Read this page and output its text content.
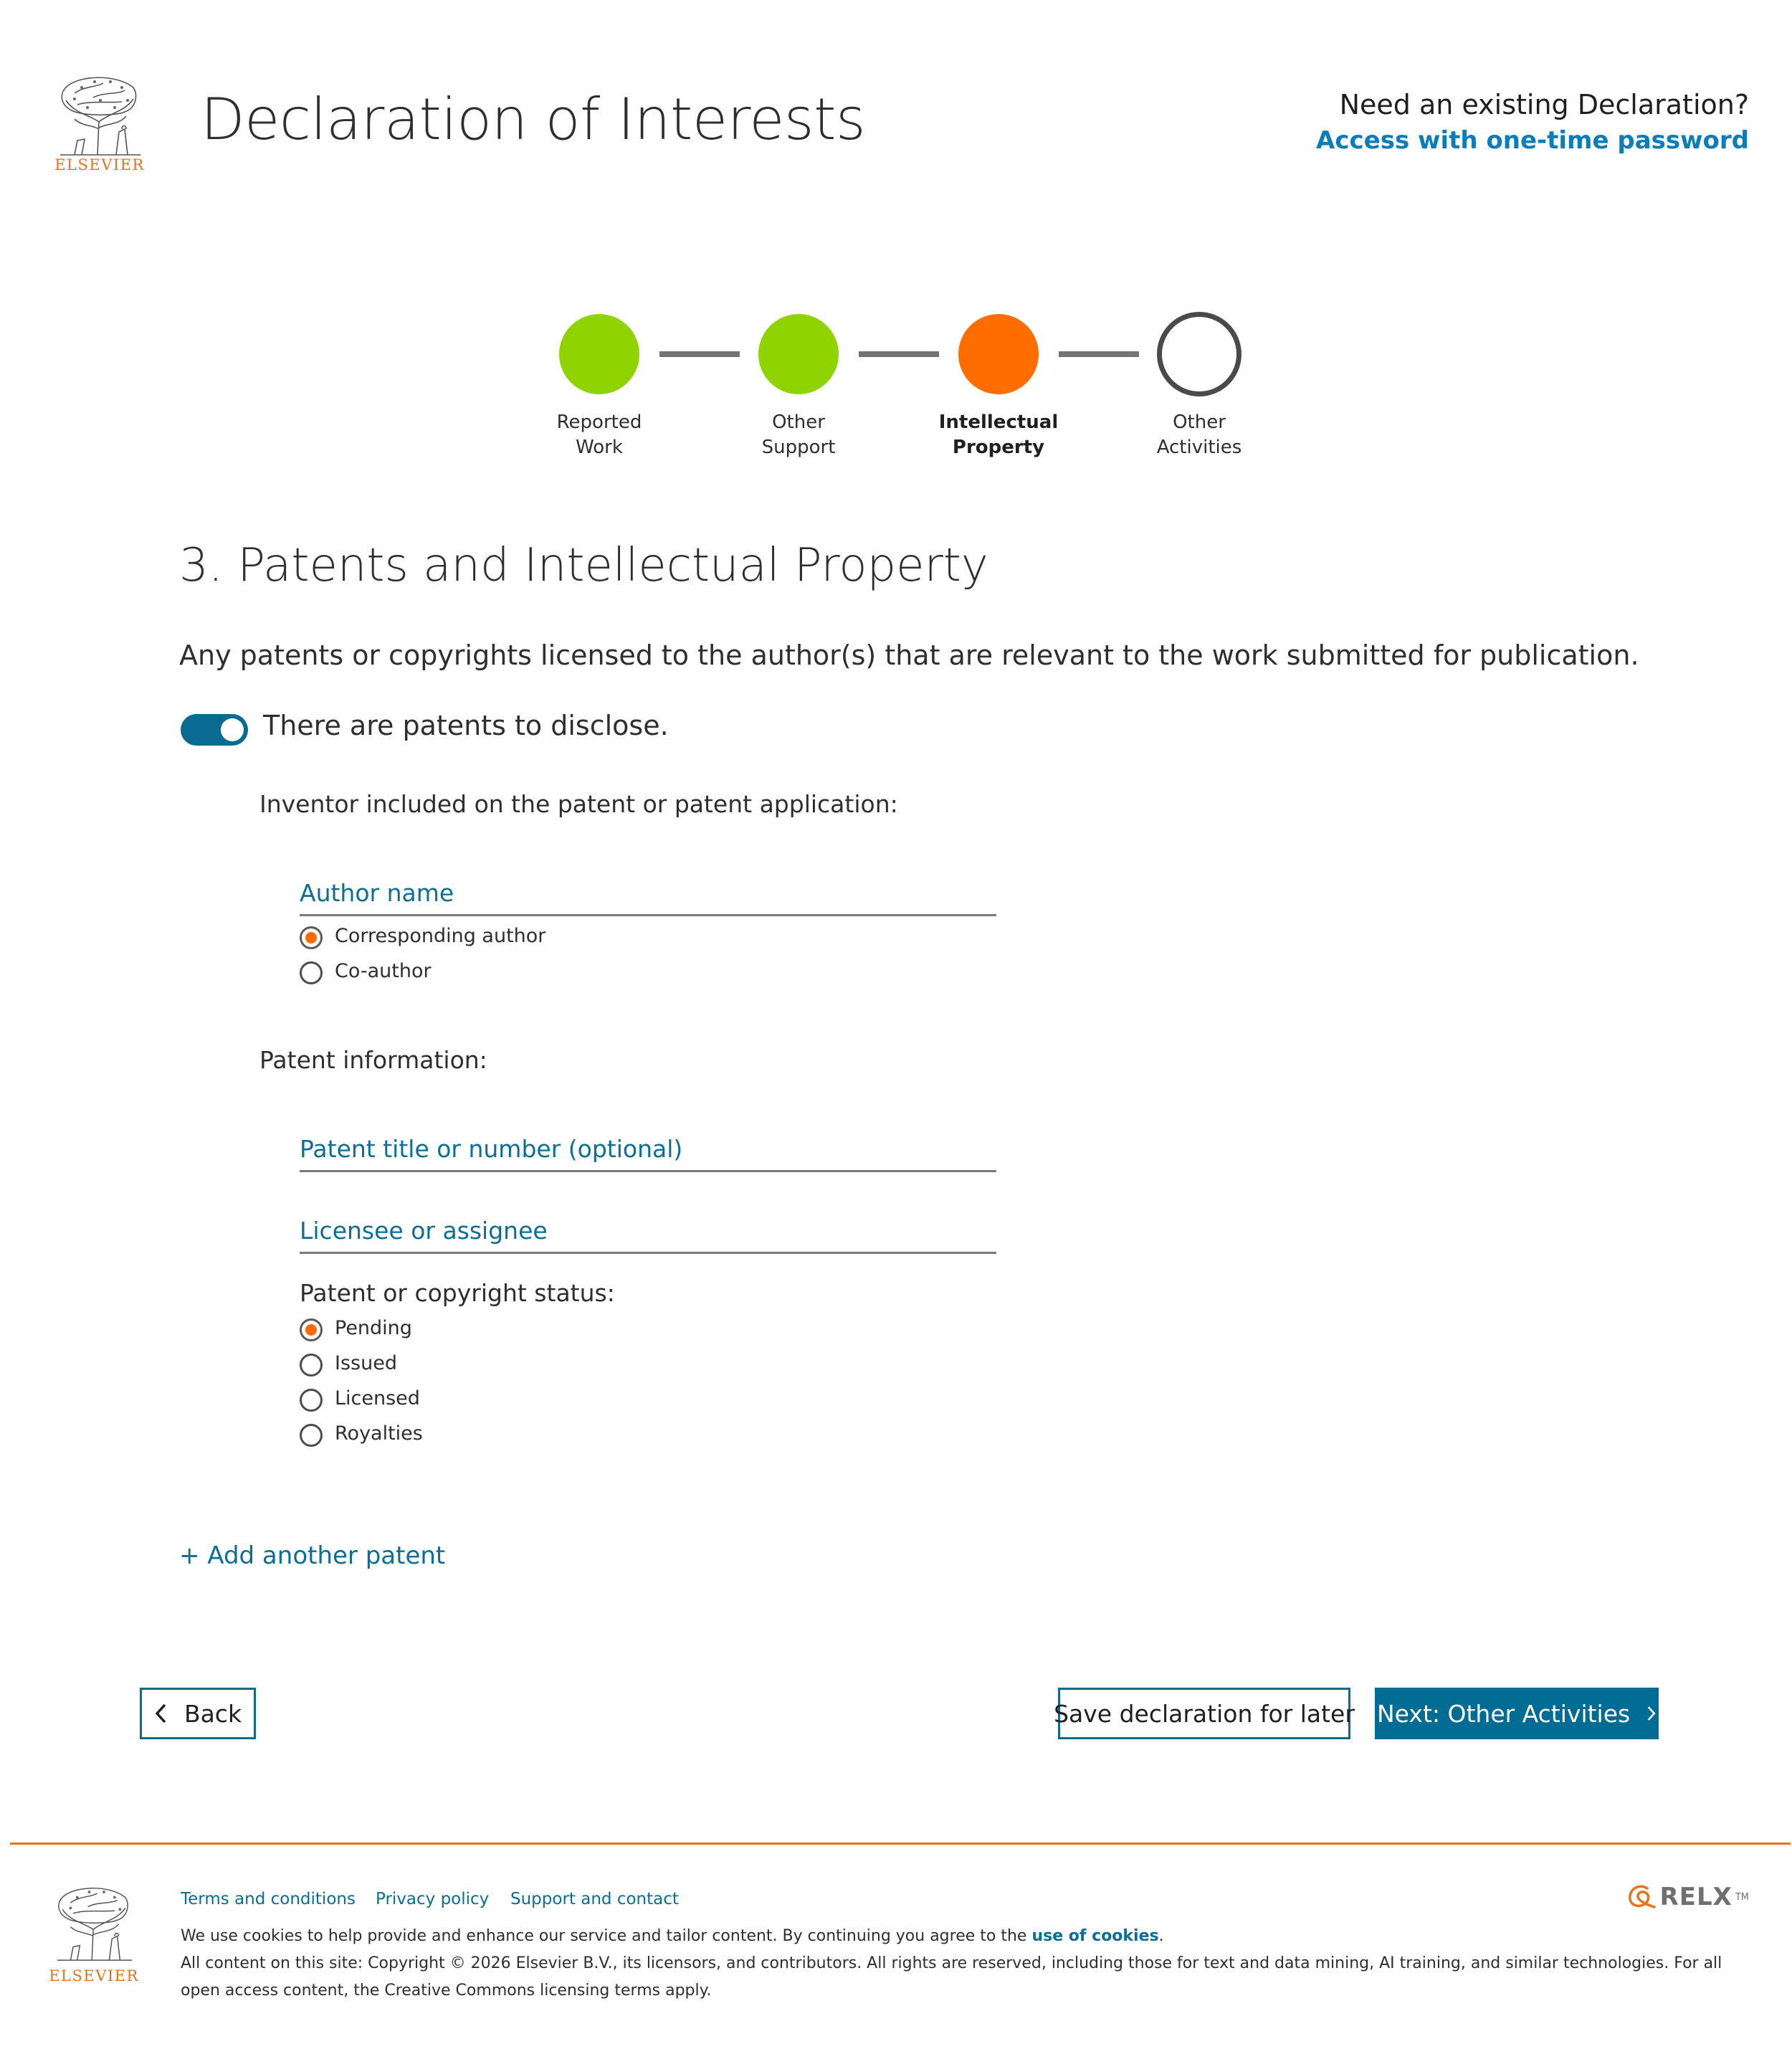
ELSEVIER
Declaration of Interests	Need an existing Declaration?
Access with one-time password
Reported
Work
Other
Support
Intellectual
Property
Other
Activities
3. Patents and Intellectual Property
Any patents or copyrights licensed to the author(s) that are relevant to the work submitted for publication.
There are patents to disclose.
Inventor included on the patent or patent application:
Author name
Corresponding author
Co-author
Patent information:
Patent title or number (optional)
Licensee or assignee
Patent or copyright status:
Pending
Issued
Licensed
Royalties
+ Add another patent
Back	Save declaration for later Next: Other Activities
ELSEVIER
Terms and conditions Privacy policy Support and contact
We use cookies to help provide and enhance our service and tailor content. By continuing you agree to the use of cookies.
All content on this site: Copyright © 2026 Elsevier B.V., its licensors, and contributors. All rights are reserved, including those for text and data mining, AI training, and similar technologies. For all
open access content, the Creative Commons licensing terms apply.
RELX TM
